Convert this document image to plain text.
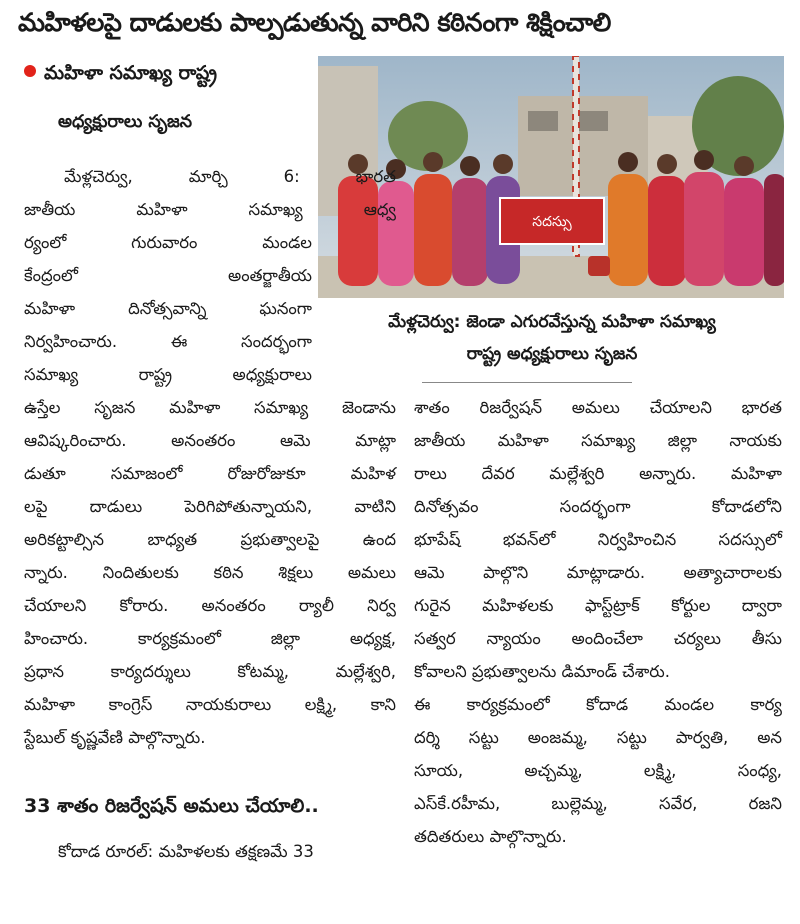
మహిళలపై దాడులకు పాల్పడుతున్న వారిని కఠినంగా శిక్షించాలి
మహిళా సమాఖ్య రాష్ట్ర
అధ్యక్షురాలు సృజన
సదస్సు
మేళ్లచెర్వు: జెండా ఎగురవేస్తున్న మహిళా సమాఖ్య
రాష్ట్ర అధ్యక్షురాలు సృజన
మేళ్లచెర్వు, మార్చి 6: భారత
జాతీయ మహిళా సమాఖ్య ఆధ్వ
ర్యంలో గురువారం మండల
కేంద్రంలో అంతర్జాతీయ
మహిళా దినోత్సవాన్ని ఘనంగా
నిర్వహించారు. ఈ సందర్భంగా
సమాఖ్య రాష్ట్ర అధ్యక్షురాలు
ఉస్తేల సృజన మహిళా సమాఖ్య జెండాను
ఆవిష్కరించారు. అనంతరం ఆమె మాట్లా
డుతూ సమాజంలో రోజురోజుకూ మహిళ
లపై దాడులు పెరిగిపోతున్నాయని, వాటిని
అరికట్టాల్సిన బాధ్యత ప్రభుత్వాలపై ఉంద
న్నారు. నిందితులకు కఠిన శిక్షలు అమలు
చేయాలని కోరారు. అనంతరం ర్యాలీ నిర్వ
హించారు. కార్యక్రమంలో జిల్లా అధ్యక్ష,
ప్రధాన కార్యదర్శులు కోటమ్మ, మల్లేశ్వరి,
మహిళా కాంగ్రెస్ నాయకురాలు లక్ష్మి, కాని
స్టేబుల్ కృష్ణవేణి పాల్గొన్నారు.
33 శాతం రిజర్వేషన్ అమలు చేయాలి..
కోదాడ రూరల్: మహిళలకు తక్షణమే 33
శాతం రిజర్వేషన్ అమలు చేయాలని భారత
జాతీయ మహిళా సమాఖ్య జిల్లా నాయకు
రాలు దేవర మల్లేశ్వరి అన్నారు. మహిళా
దినోత్సవం సందర్భంగా కోదాడలోని
భూపేష్ భవన్‌లో నిర్వహించిన సదస్సులో
ఆమె పాల్గొని మాట్లాడారు. అత్యాచారాలకు
గురైన మహిళలకు ఫాస్ట్‌ట్రాక్ కోర్టుల ద్వారా
సత్వర న్యాయం అందించేలా చర్యలు తీసు
కోవాలని ప్రభుత్వాలను డిమాండ్ చేశారు.
ఈ కార్యక్రమంలో కోదాడ మండల కార్య
దర్శి సట్టు అంజమ్మ, సట్టు పార్వతి, అన
సూయ, అచ్చమ్మ, లక్ష్మి, సంధ్య,
ఎస్‌కే.రహీమ, బుల్లెమ్మ, సవేర, రజని
తదితరులు పాల్గొన్నారు.
